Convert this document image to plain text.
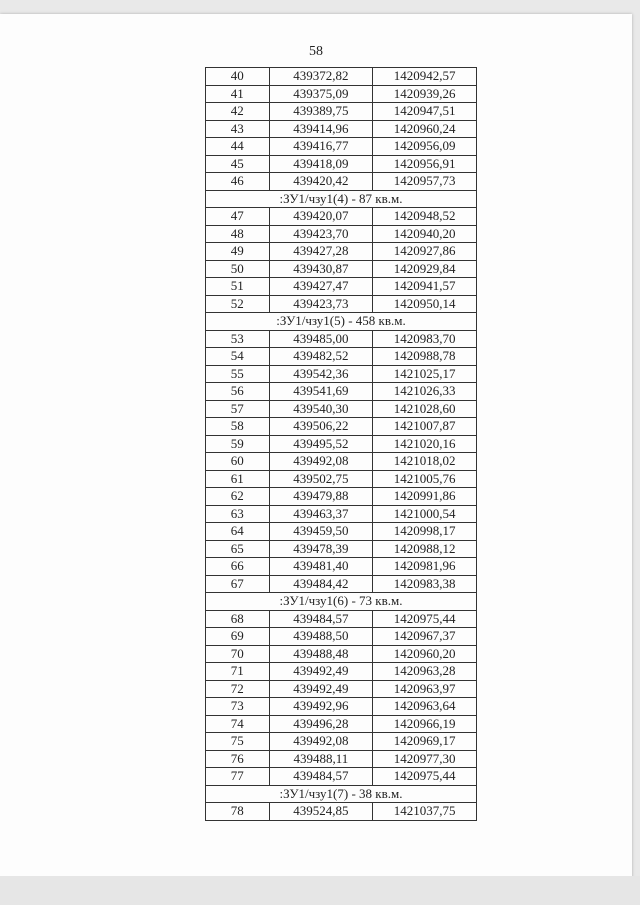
58
40	439372,82	1420942,57
41	439375,09	1420939,26
42	439389,75	1420947,51
43	439414,96	1420960,24
44	439416,77	1420956,09
45	439418,09	1420956,91
46	439420,42	1420957,73
:ЗУ1/чзу1(4) - 87 кв.м.		
47	439420,07	1420948,52
48	439423,70	1420940,20
49	439427,28	1420927,86
50	439430,87	1420929,84
51	439427,47	1420941,57
52	439423,73	1420950,14
:ЗУ1/чзу1(5) - 458 кв.м.		
53	439485,00	1420983,70
54	439482,52	1420988,78
55	439542,36	1421025,17
56	439541,69	1421026,33
57	439540,30	1421028,60
58	439506,22	1421007,87
59	439495,52	1421020,16
60	439492,08	1421018,02
61	439502,75	1421005,76
62	439479,88	1420991,86
63	439463,37	1421000,54
64	439459,50	1420998,17
65	439478,39	1420988,12
66	439481,40	1420981,96
67	439484,42	1420983,38
:ЗУ1/чзу1(6) - 73 кв.м.		
68	439484,57	1420975,44
69	439488,50	1420967,37
70	439488,48	1420960,20
71	439492,49	1420963,28
72	439492,49	1420963,97
73	439492,96	1420963,64
74	439496,28	1420966,19
75	439492,08	1420969,17
76	439488,11	1420977,30
77	439484,57	1420975,44
:ЗУ1/чзу1(7) - 38 кв.м.		
78	439524,85	1421037,75
